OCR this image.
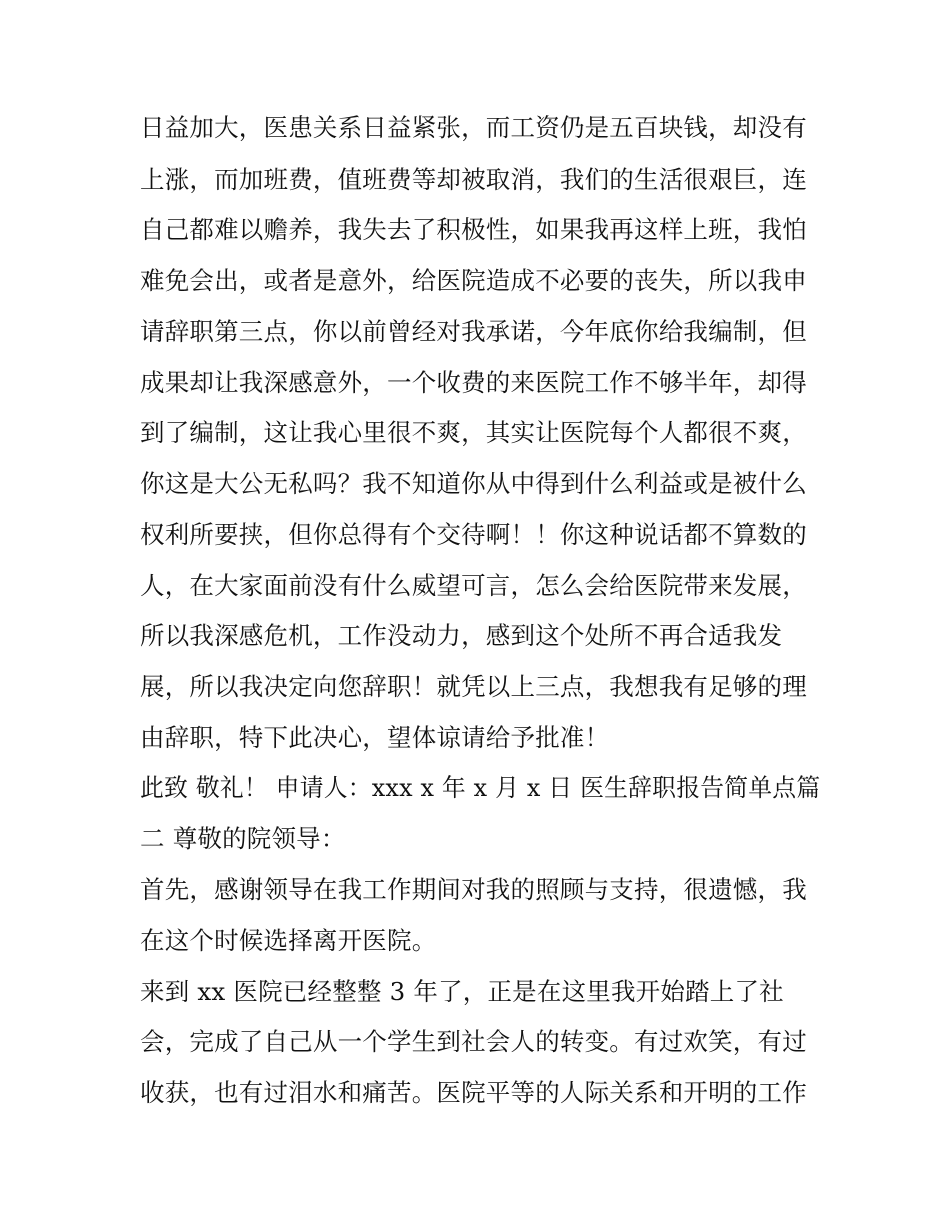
日益加大，医患关系日益紧张，而工资仍是五百块钱，却没有
上涨，而加班费，值班费等却被取消，我们的生活很艰巨，连
自己都难以赡养，我失去了积极性，如果我再这样上班，我怕
难免会出，或者是意外，给医院造成不必要的丧失，所以我申
请辞职第三点，你以前曾经对我承诺，今年底你给我编制，但
成果却让我深感意外，一个收费的来医院工作不够半年，却得
到了编制，这让我心里很不爽，其实让医院每个人都很不爽，
你这是大公无私吗？我不知道你从中得到什么利益或是被什么
权利所要挟，但你总得有个交待啊！！你这种说话都不算数的
人，在大家面前没有什么威望可言，怎么会给医院带来发展，
所以我深感危机，工作没动力，感到这个处所不再合适我发
展，所以我决定向您辞职！就凭以上三点，我想我有足够的理
由辞职，特下此决心，望体谅请给予批准！
此致 敬礼！ 申请人：xxx x 年 x 月 x 日 医生辞职报告简单点篇
二 尊敬的院领导：
首先，感谢领导在我工作期间对我的照顾与支持，很遗憾，我
在这个时候选择离开医院。
来到 xx 医院已经整整 3 年了，正是在这里我开始踏上了社
会，完成了自己从一个学生到社会人的转变。有过欢笑，有过
收获，也有过泪水和痛苦。医院平等的人际关系和开明的工作
